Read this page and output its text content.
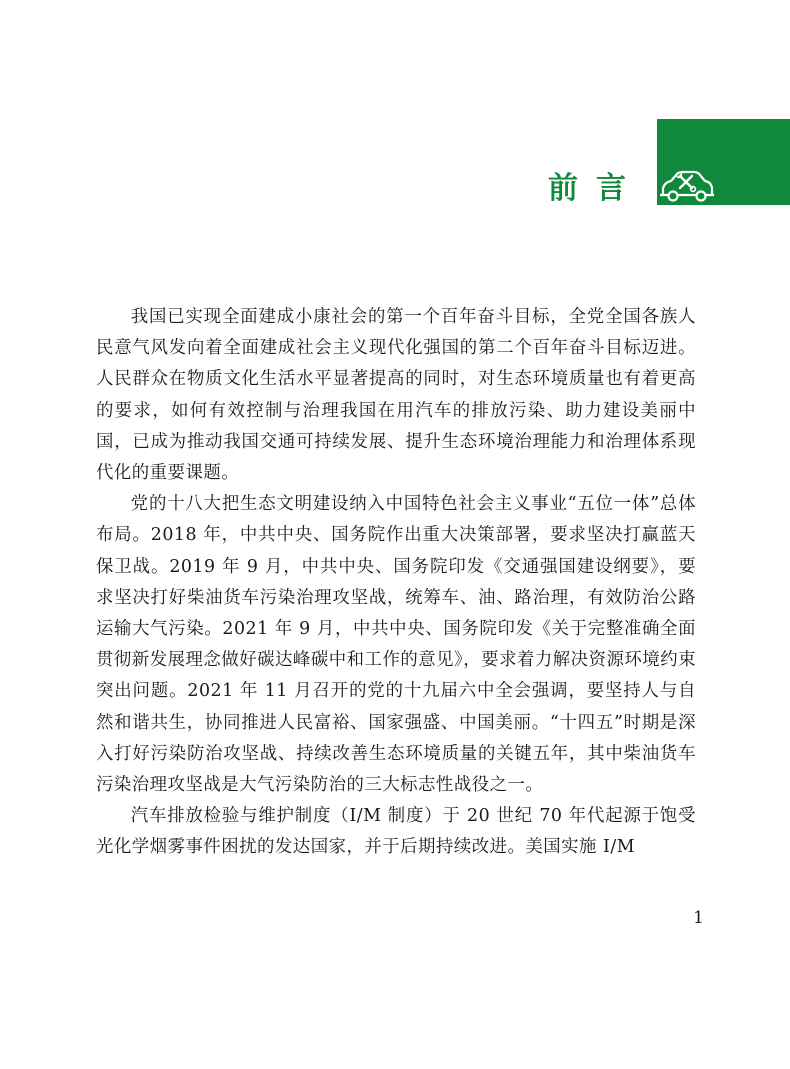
前言

我国已实现全面建成小康社会的第一个百年奋斗目标，全党全国各族人民意气风发向着全面建成社会主义现代化强国的第二个百年奋斗目标迈进。人民群众在物质文化生活水平显著提高的同时，对生态环境质量也有着更高的要求，如何有效控制与治理我国在用汽车的排放污染、助力建设美丽中国，已成为推动我国交通可持续发展、提升生态环境治理能力和治理体系现代化的重要课题。

党的十八大把生态文明建设纳入中国特色社会主义事业“五位一体”总体布局。2018 年，中共中央、国务院作出重大决策部署，要求坚决打赢蓝天保卫战。2019 年 9 月，中共中央、国务院印发《交通强国建设纲要》，要求坚决打好柴油货车污染治理攻坚战，统筹车、油、路治理，有效防治公路运输大气污染。2021 年 9 月，中共中央、国务院印发《关于完整准确全面贯彻新发展理念做好碳达峰碳中和工作的意见》，要求着力解决资源环境约束突出问题。2021 年 11 月召开的党的十九届六中全会强调，要坚持人与自然和谐共生，协同推进人民富裕、国家强盛、中国美丽。“十四五”时期是深入打好污染防治攻坚战、持续改善生态环境质量的关键五年，其中柴油货车污染治理攻坚战是大气污染防治的三大标志性战役之一。

汽车排放检验与维护制度（I/M 制度）于 20 世纪 70 年代起源于饱受光化学烟雾事件困扰的发达国家，并于后期持续改进。美国实施 I/M

1
